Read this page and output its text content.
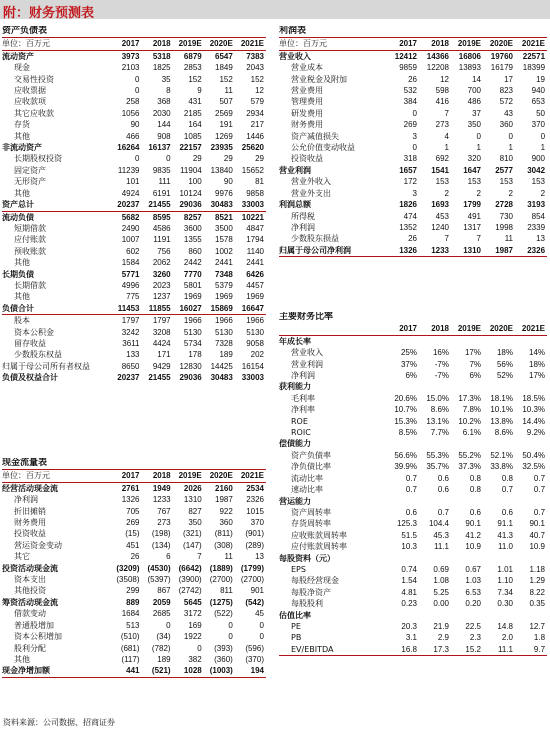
附：财务预测表
资产负债表					
单位：百万元	2017	2018	2019E	2020E	2021E
流动资产	3973	5318	6879	6547	7383
现金	2103	1825	2853	1849	2043
交易性投资	0	35	152	152	152
应收票据	0	8	9	11	12
应收款项	258	368	431	507	579
其它应收款	1056	2030	2185	2569	2934
存货	90	144	164	191	217
其他	466	908	1085	1269	1446
非流动资产	16264	16137	22157	23935	25620
长期股权投资	0	0	29	29	29
固定资产	11239	9835	11904	13840	15652
无形资产	101	111	100	90	81
其他	4924	6191	10124	9976	9858
资产总计	20237	21455	29036	30483	33003
流动负债	5682	8595	8257	8521	10221
短期借款	2490	4586	3600	3500	4847
应付账款	1007	1191	1355	1578	1794
预收账款	602	756	860	1002	1140
其他	1584	2062	2442	2441	2441
长期负债	5771	3260	7770	7348	6426
长期借款	4996	2023	5801	5379	4457
其他	775	1237	1969	1969	1969
负债合计	11453	11855	16027	15869	16647
股本	1797	1797	1966	1966	1966
资本公积金	3242	3208	5130	5130	5130
留存收益	3611	4424	5734	7328	9058
少数股东权益	133	171	178	189	202
归属于母公司所有者权益	8650	9429	12830	14425	16154
负债及权益合计	20237	21455	29036	30483	33003
现金流量表					
单位：百万元	2017	2018	2019E	2020E	2021E
经营活动现金流	2761	1949	2026	2160	2534
净利润	1326	1233	1310	1987	2326
折旧摊销	705	767	827	922	1015
财务费用	269	273	350	360	370
投资收益	(15)	(198)	(321)	(811)	(901)
营运资金变动	451	(134)	(147)	(308)	(289)
其它	26	6	7	11	13
投资活动现金流	(3209)	(4530)	(6642)	(1889)	(1799)
资本支出	(3508)	(5397)	(3900)	(2700)	(2700)
其他投资	299	867	(2742)	811	901
筹资活动现金流	889	2059	5645	(1275)	(542)
借款变动	1684	2685	3172	(522)	45
普通股增加	513	0	169	0	0
资本公积增加	(510)	(34)	1922	0	0
股利分配	(681)	(782)	0	(393)	(596)
其他	(117)	189	382	(360)	(370)
现金净增加额	441	(521)	1028	(1003)	194
利润表					
单位：百万元	2017	2018	2019E	2020E	2021E
营业收入	12412	14366	16806	19760	22571
营业成本	9859	12208	13893	16179	18399
营业税金及附加	26	12	14	17	19
营业费用	532	598	700	823	940
管理费用	384	416	486	572	653
研发费用	0	7	37	43	50
财务费用	269	273	350	360	370
资产减值损失	3	4	0	0	0
公允价值变动收益	0	1	1	1	1
投资收益	318	692	320	810	900
营业利润	1657	1541	1647	2577	3042
营业外收入	172	153	153	153	153
营业外支出	3	2	2	2	2
利润总额	1826	1693	1799	2728	3193
所得税	474	453	491	730	854
净利润	1352	1240	1317	1998	2339
少数股东损益	26	7	7	11	13
归属于母公司净利润	1326	1233	1310	1987	2326
主要财务比率					
	2017	2018	2019E	2020E	2021E
年成长率					
营业收入	25%	16%	17%	18%	14%
营业利润	37%	-7%	7%	56%	18%
净利润	6%	-7%	6%	52%	17%
获利能力					
毛利率	20.6%	15.0%	17.3%	18.1%	18.5%
净利率	10.7%	8.6%	7.8%	10.1%	10.3%
ROE	15.3%	13.1%	10.2%	13.8%	14.4%
ROIC	8.5%	7.7%	6.1%	8.6%	9.2%
偿债能力					
资产负债率	56.6%	55.3%	55.2%	52.1%	50.4%
净负债比率	39.9%	35.7%	37.3%	33.8%	32.5%
流动比率	0.7	0.6	0.8	0.8	0.7
速动比率	0.7	0.6	0.8	0.7	0.7
营运能力					
资产周转率	0.6	0.7	0.6	0.6	0.7
存货周转率	125.3	104.4	90.1	91.1	90.1
应收账款周转率	51.5	45.3	41.2	41.3	40.7
应付账款周转率	10.3	11.1	10.9	11.0	10.9
每股资料（元）					
EPS	0.74	0.69	0.67	1.01	1.18
每股经营现金	1.54	1.08	1.03	1.10	1.29
每股净资产	4.81	5.25	6.53	7.34	8.22
每股股利	0.23	0.00	0.20	0.30	0.35
估值比率					
PE	20.3	21.9	22.5	14.8	12.7
PB	3.1	2.9	2.3	2.0	1.8
EV/EBITDA	16.8	17.3	15.2	11.1	9.7
资料来源：公司数据、招商证券
